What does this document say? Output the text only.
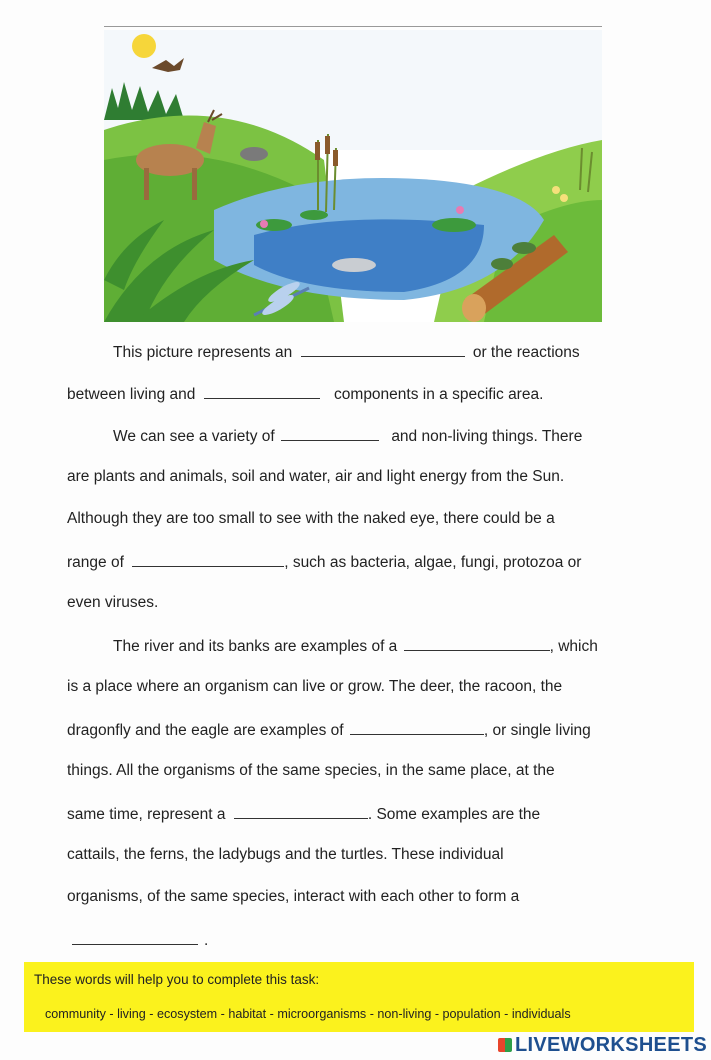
This picture represents an	or the reactions
between living and	components in a specific area.
We can see a variety of	and non-living things. There
are plants and animals, soil and water, air and light energy from the Sun.
Although they are too small to see with the naked eye, there could be a
range of	, such as bacteria, algae, fungi, protozoa or
even viruses.
The river and its banks are examples of a	, which
is a place where an organism can live or grow. The deer, the racoon, the
dragonfly and the eagle are examples of	, or single living
things. All the organisms of the same species, in the same place, at the
same time, represent a	. Some examples are the
cattails, the ferns, the ladybugs and the turtles. These individual
organisms, of the same species, interact with each other to form a
.
These words will help you to complete this task:
community - living - ecosystem - habitat - microorganisms - non-living - population - individuals
LIVEWORKSHEETS
